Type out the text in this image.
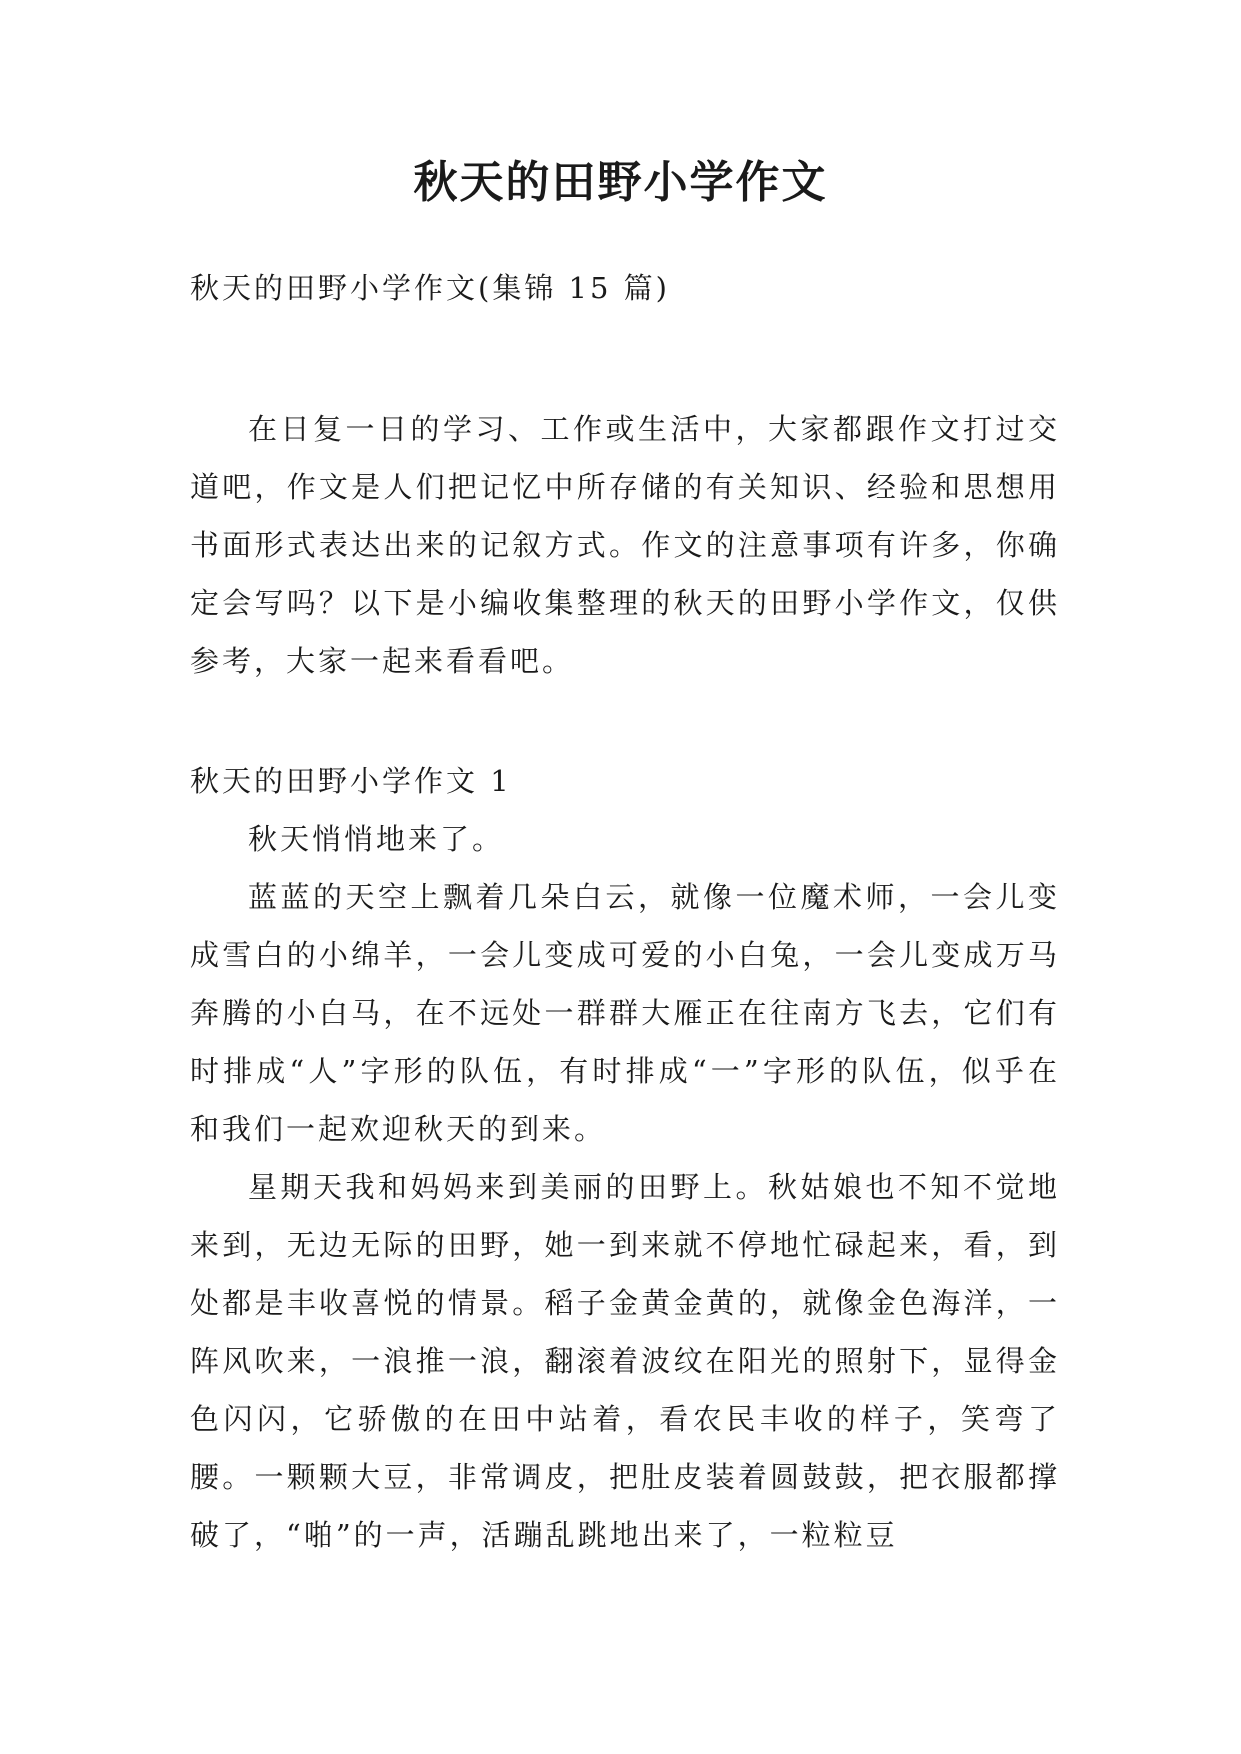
秋天的田野小学作文

秋天的田野小学作文(集锦 15 篇)

在日复一日的学习、工作或生活中，大家都跟作文打过交道吧，作文是人们把记忆中所存储的有关知识、经验和思想用书面形式表达出来的记叙方式。作文的注意事项有许多，你确定会写吗？以下是小编收集整理的秋天的田野小学作文，仅供参考，大家一起来看看吧。

秋天的田野小学作文 1

秋天悄悄地来了。

蓝蓝的天空上飘着几朵白云，就像一位魔术师，一会儿变成雪白的小绵羊，一会儿变成可爱的小白兔，一会儿变成万马奔腾的小白马，在不远处一群群大雁正在往南方飞去，它们有时排成“人”字形的队伍，有时排成“一”字形的队伍，似乎在和我们一起欢迎秋天的到来。

星期天我和妈妈来到美丽的田野上。秋姑娘也不知不觉地来到，无边无际的田野，她一到来就不停地忙碌起来，看，到处都是丰收喜悦的情景。稻子金黄金黄的，就像金色海洋，一阵风吹来，一浪推一浪，翻滚着波纹在阳光的照射下，显得金色闪闪，它骄傲的在田中站着，看农民丰收的样子，笑弯了腰。一颗颗大豆，非常调皮，把肚皮装着圆鼓鼓，把衣服都撑破了，“啪”的一声，活蹦乱跳地出来了，一粒粒豆
